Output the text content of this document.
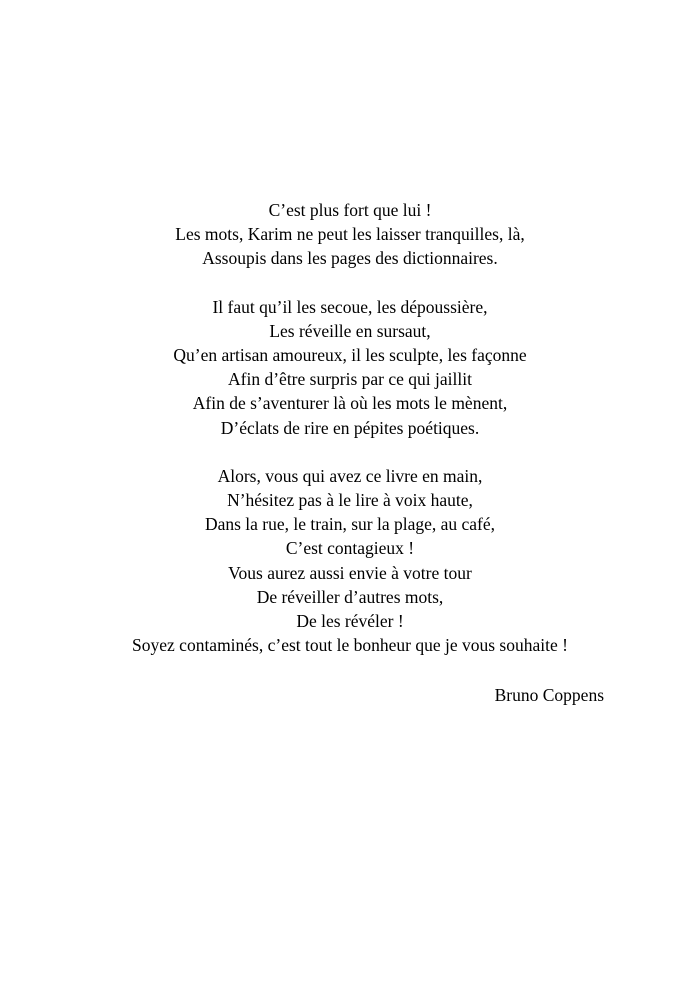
C’est plus fort que lui !
Les mots, Karim ne peut les laisser tranquilles, là,
Assoupis dans les pages des dictionnaires.

Il faut qu’il les secoue, les dépoussière,
Les réveille en sursaut,
Qu’en artisan amoureux, il les sculpte, les façonne
Afin d’être surpris par ce qui jaillit
Afin de s’aventurer là où les mots le mènent,
D’éclats de rire en pépites poétiques.

Alors, vous qui avez ce livre en main,
N’hésitez pas à le lire à voix haute,
Dans la rue, le train, sur la plage, au café,
C’est contagieux !
Vous aurez aussi envie à votre tour
De réveiller d’autres mots,
De les révéler !
Soyez contaminés, c’est tout le bonheur que je vous souhaite !

Bruno Coppens
